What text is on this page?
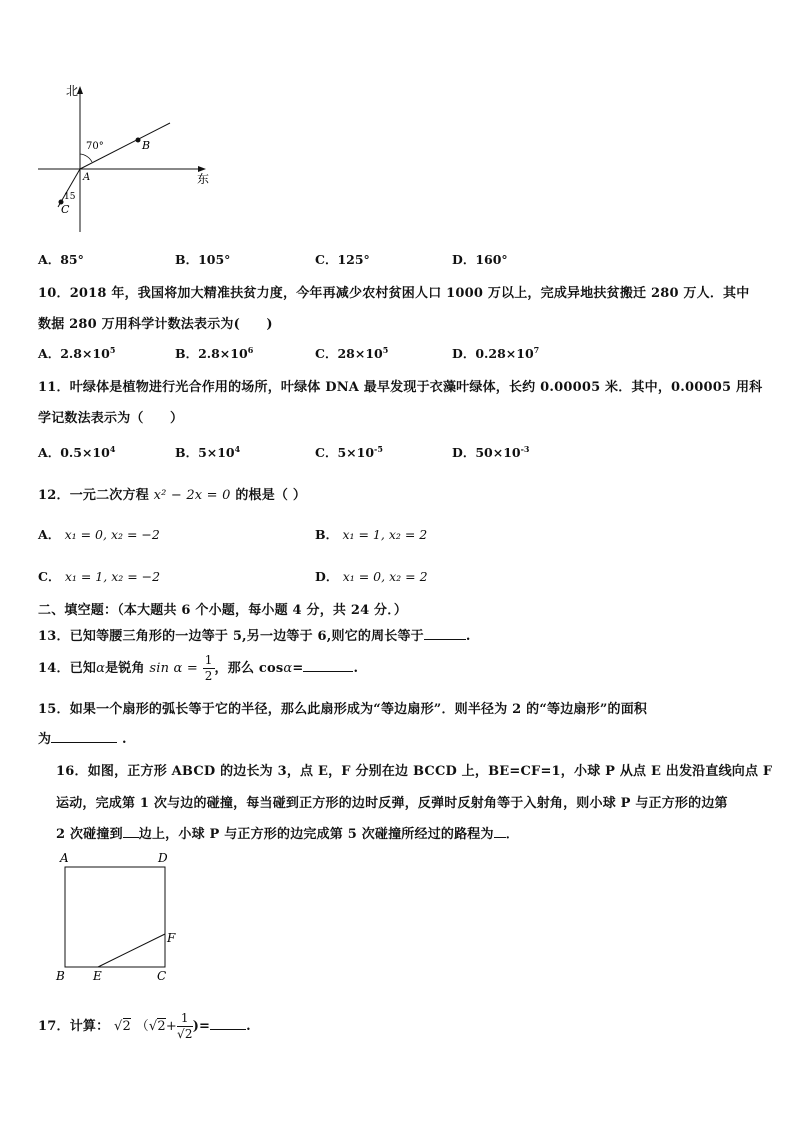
北
东
70°
15
A
B
C
A．85°	B．105°	C．125°	D．160°
10．2018 年，我国将加大精准扶贫力度，今年再减少农村贫困人口 1000 万以上，完成异地扶贫搬迁 280 万人．其中
数据 280 万用科学计数法表示为(　　)
A．$2.8\times 10^5$	B．$2.8\times 10^6$	C．$28\times 10^5$	D．$0.28\times 10^7$
11．叶绿体是植物进行光合作用的场所，叶绿体 DNA 最早发现于衣藻叶绿体，长约 0.00005 米．其中，0.00005 用科
学记数法表示为（　　）
A．$0.5\times 10^4$	B．$5\times 10^4$	C．$5\times 10^{-5}$	D．$50\times 10^{-3}$
12．一元二次方程 x² − 2x = 0 的根是（ ）
A． x₁ = 0, x₂ = −2	B． x₁ = 1, x₂ = 2
C． x₁ = 1, x₂ = −2	D． x₁ = 0, x₂ = 2
二、填空题：（本大题共 6 个小题，每小题 4 分，共 24 分．）
13．已知等腰三角形的一边等于 5,另一边等于 6,则它的周长等于	.
14．已知α是锐角 $\sin \alpha = \frac{1}{2}$ ，那么 cosα=	.
15．如果一个扇形的弧长等于它的半径，那么此扇形成为“等边扇形”．则半径为 2 的“等边扇形”的面积
为	.
16．如图，正方形 ABCD 的边长为 3，点 E，F 分别在边 BCCD 上，BE=CF=1，小球 P 从点 E 出发沿直线向点 F
运动，完成第 1 次与边的碰撞，每当碰到正方形的边时反弹，反弹时反射角等于入射角，则小球 P 与正方形的边第
2 次碰撞到 边上，小球 P 与正方形的边完成第 5 次碰撞所经过的路程为 ．
A	D
B E	C
F
17．计算： √2 （$√2+ \frac{1}{√2}$ )=	.
